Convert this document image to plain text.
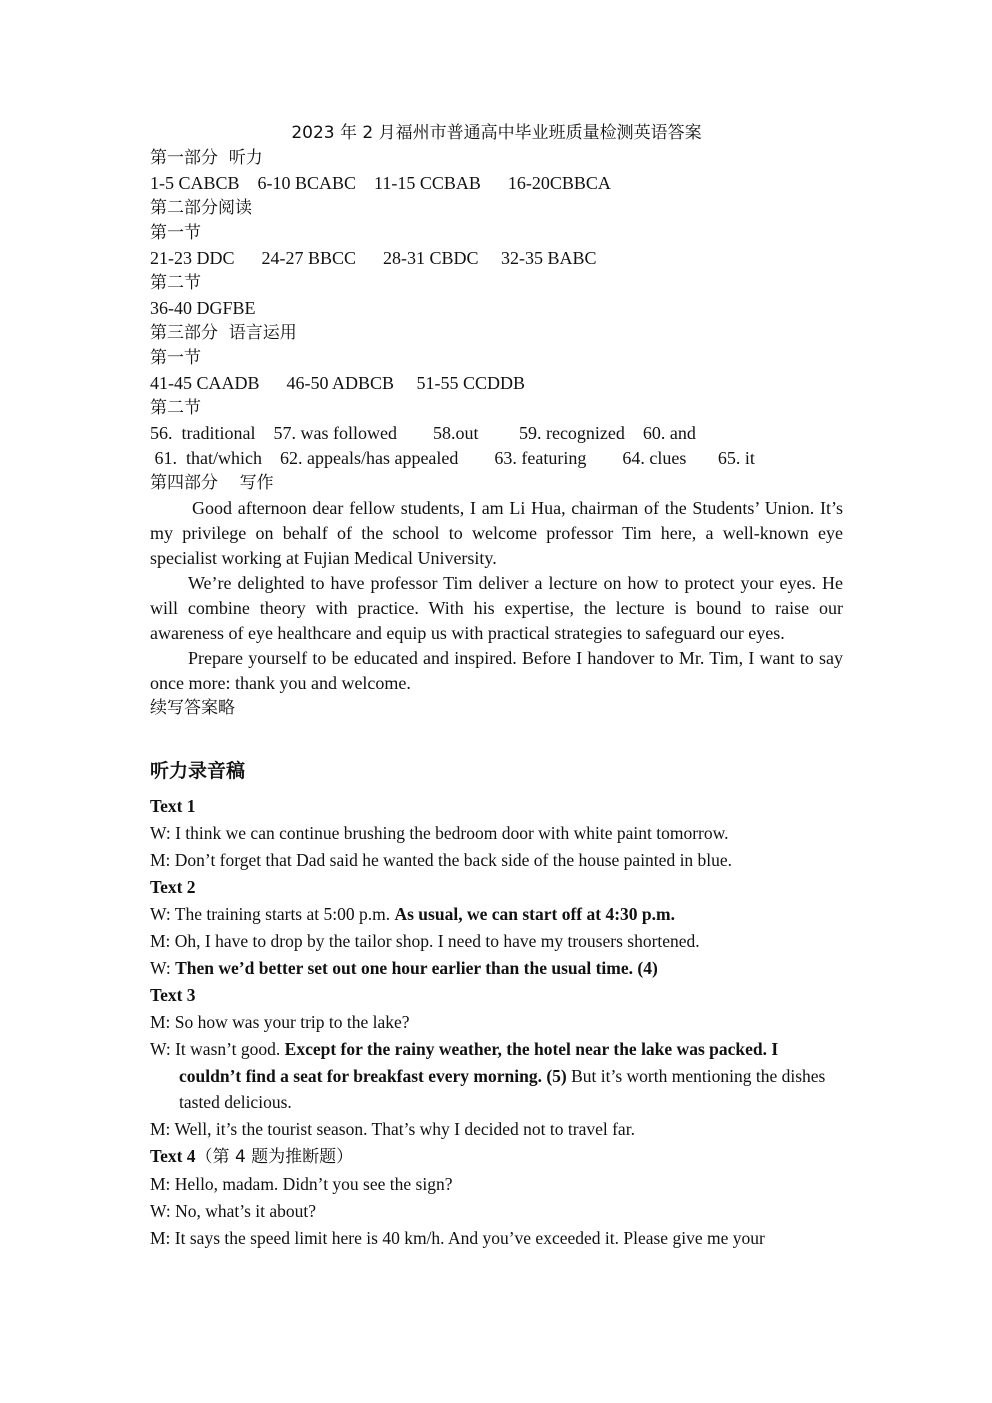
2023 年 2 月福州市普通高中毕业班质量检测英语答案

第一部分  听力

1-5 CABCB    6-10 BCABC    11-15 CCBAB      16-20CBBCA

第二部分阅读

第一节

21-23 DDC      24-27 BBCC      28-31 CBDC     32-35 BABC

第二节

36-40 DGFBE

第三部分  语言运用

第一节

41-45 CAADB      46-50 ADBCB     51-55 CCDDB

第二节

56.  traditional    57. was followed        58.out         59. recognized    60. and

61.  that/which    62. appeals/has appealed        63. featuring        64. clues       65. it

第四部分    写作

Good afternoon dear fellow students, I am Li Hua, chairman of the Students’ Union. It’s my privilege on behalf of the school to welcome professor Tim here, a well-known eye specialist working at Fujian Medical University.

We’re delighted to have professor Tim deliver a lecture on how to protect your eyes. He will combine theory with practice. With his expertise, the lecture is bound to raise our awareness of eye healthcare and equip us with practical strategies to safeguard our eyes.

Prepare yourself to be educated and inspired. Before I handover to Mr. Tim, I want to say once more: thank you and welcome.

续写答案略

听力录音稿

Text 1

W: I think we can continue brushing the bedroom door with white paint tomorrow.

M: Don’t forget that Dad said he wanted the back side of the house painted in blue.

Text 2

W: The training starts at 5:00 p.m. As usual, we can start off at 4:30 p.m.

M: Oh, I have to drop by the tailor shop. I need to have my trousers shortened.

W: Then we’d better set out one hour earlier than the usual time. (4)

Text 3

M: So how was your trip to the lake?

W: It wasn’t good. Except for the rainy weather, the hotel near the lake was packed. I couldn’t find a seat for breakfast every morning. (5) But it’s worth mentioning the dishes tasted delicious.

M: Well, it’s the tourist season. That’s why I decided not to travel far.

Text 4（第 4 题为推断题）

M: Hello, madam. Didn’t you see the sign?

W: No, what’s it about?

M: It says the speed limit here is 40 km/h. And you’ve exceeded it. Please give me your
